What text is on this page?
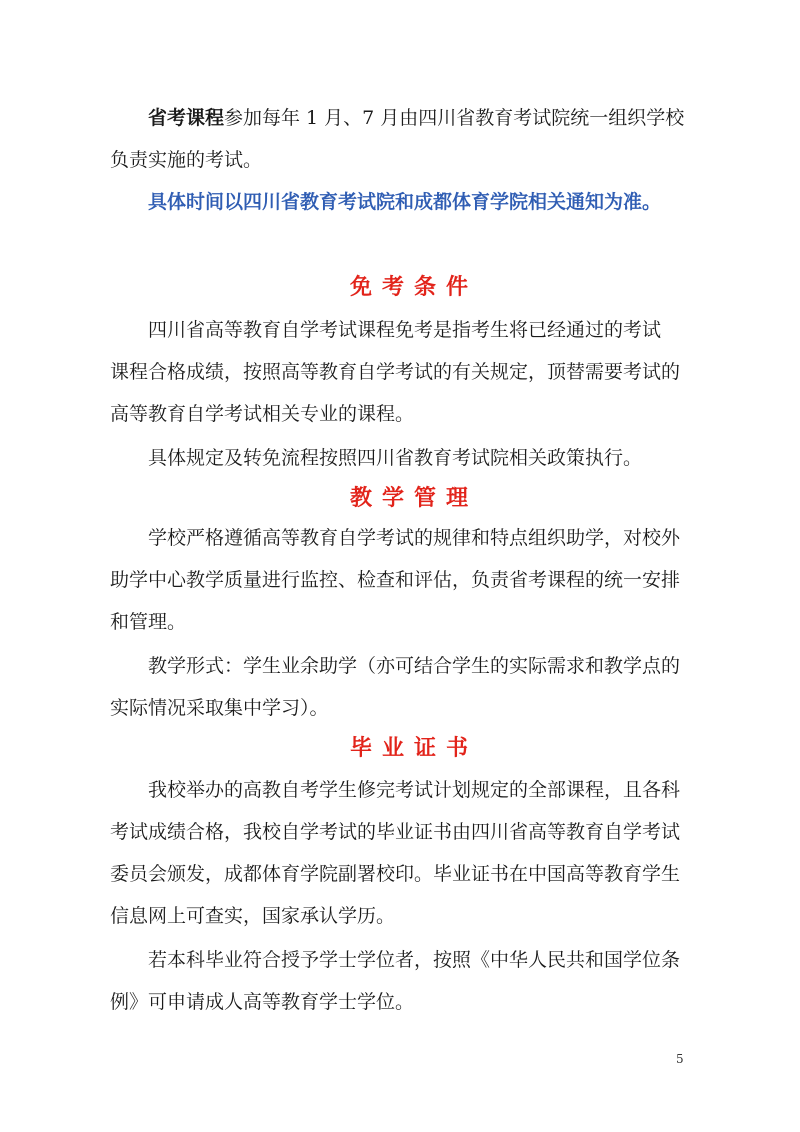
省考课程参加每年 1 月、7 月由四川省教育考试院统一组织学校
负责实施的考试。
具体时间以四川省教育考试院和成都体育学院相关通知为准。
免考条件
四川省高等教育自学考试课程免考是指考生将已经通过的考试
课程合格成绩，按照高等教育自学考试的有关规定，顶替需要考试的
高等教育自学考试相关专业的课程。
具体规定及转免流程按照四川省教育考试院相关政策执行。
教学管理
学校严格遵循高等教育自学考试的规律和特点组织助学，对校外
助学中心教学质量进行监控、检查和评估，负责省考课程的统一安排
和管理。
教学形式：学生业余助学（亦可结合学生的实际需求和教学点的
实际情况采取集中学习）。
毕业证书
我校举办的高教自考学生修完考试计划规定的全部课程，且各科
考试成绩合格，我校自学考试的毕业证书由四川省高等教育自学考试
委员会颁发，成都体育学院副署校印。毕业证书在中国高等教育学生
信息网上可查实，国家承认学历。
若本科毕业符合授予学士学位者，按照《中华人民共和国学位条
例》可申请成人高等教育学士学位。
5
